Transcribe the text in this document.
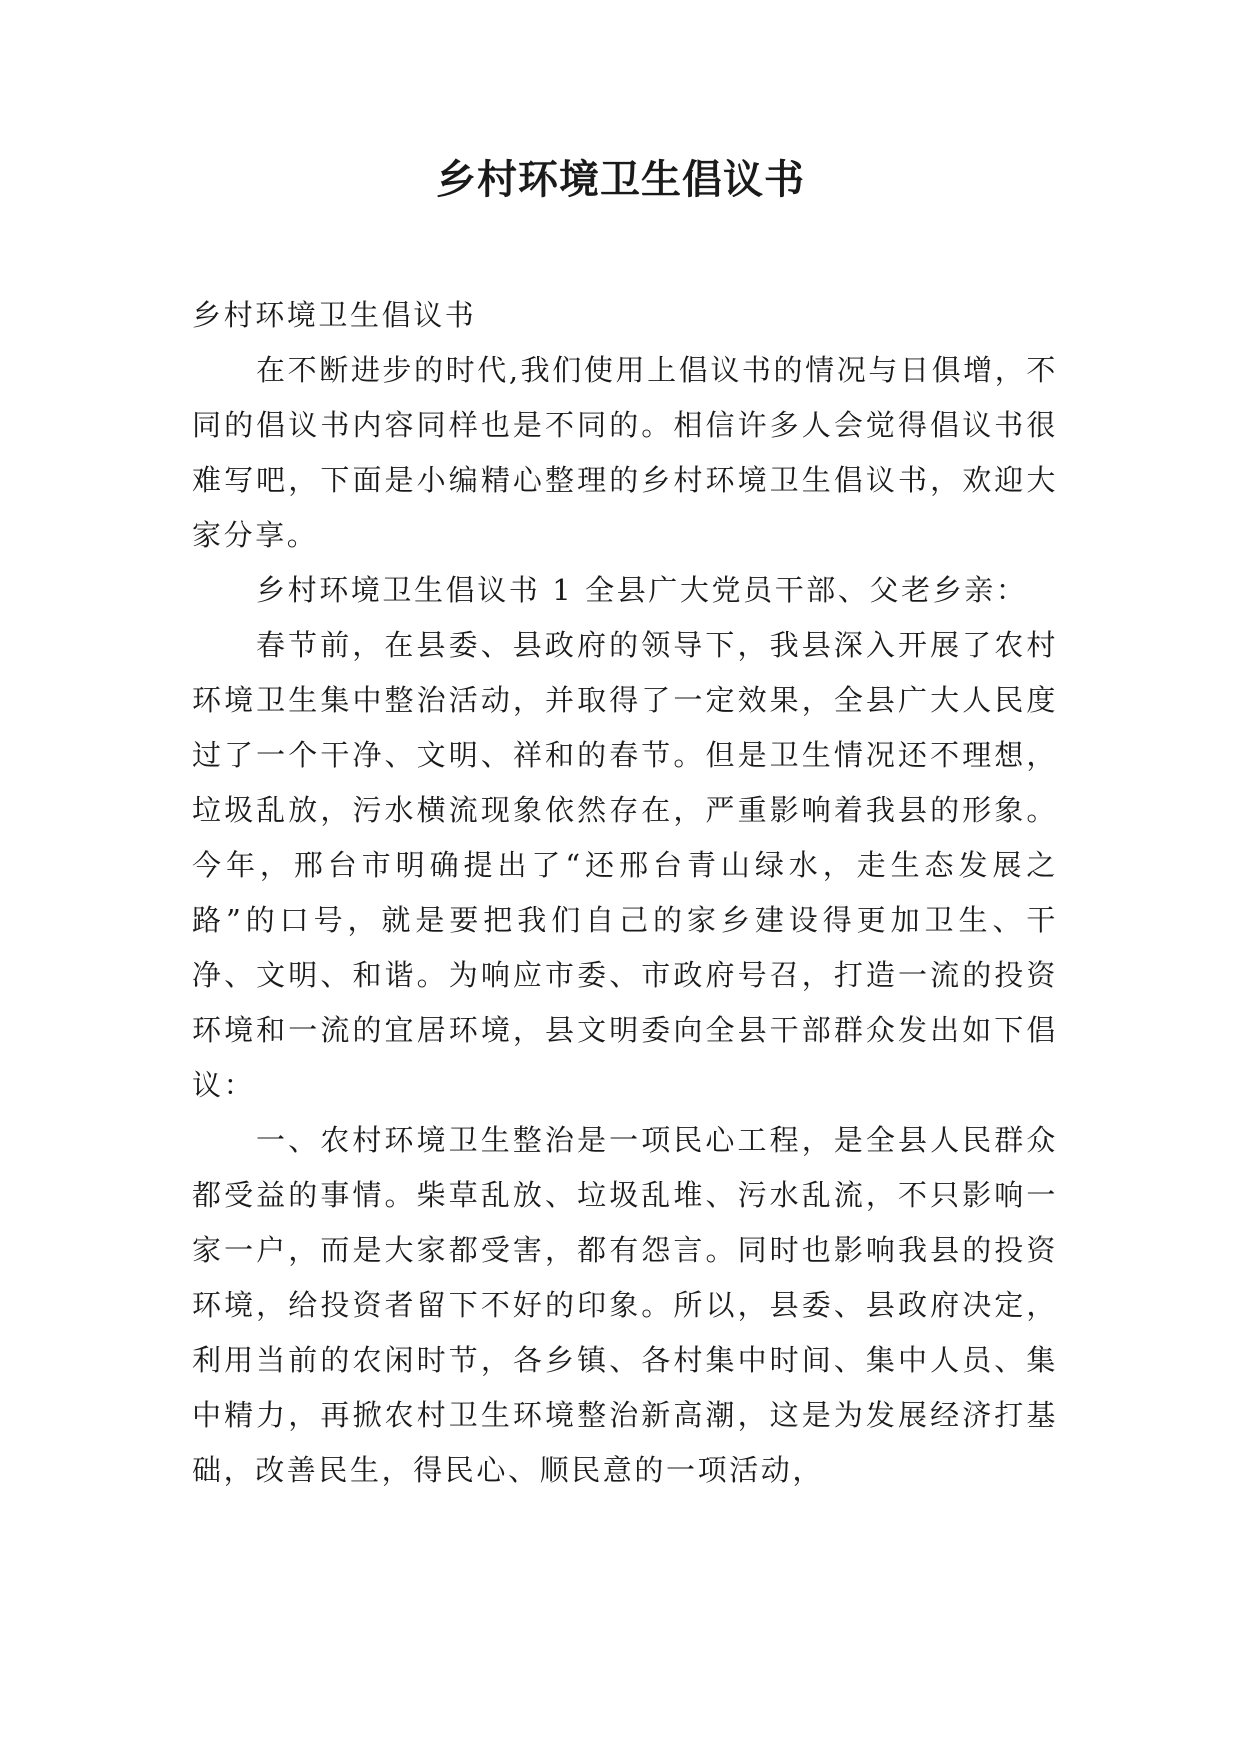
乡村环境卫生倡议书

乡村环境卫生倡议书

在不断进步的时代,我们使用上倡议书的情况与日俱增，不同的倡议书内容同样也是不同的。相信许多人会觉得倡议书很难写吧，下面是小编精心整理的乡村环境卫生倡议书，欢迎大家分享。

乡村环境卫生倡议书 1 全县广大党员干部、父老乡亲：

春节前，在县委、县政府的领导下，我县深入开展了农村环境卫生集中整治活动，并取得了一定效果，全县广大人民度过了一个干净、文明、祥和的春节。但是卫生情况还不理想，垃圾乱放，污水横流现象依然存在，严重影响着我县的形象。今年，邢台市明确提出了“还邢台青山绿水，走生态发展之路”的口号，就是要把我们自己的家乡建设得更加卫生、干净、文明、和谐。为响应市委、市政府号召，打造一流的投资环境和一流的宜居环境，县文明委向全县干部群众发出如下倡议：

一、农村环境卫生整治是一项民心工程，是全县人民群众都受益的事情。柴草乱放、垃圾乱堆、污水乱流，不只影响一家一户，而是大家都受害，都有怨言。同时也影响我县的投资环境，给投资者留下不好的印象。所以，县委、县政府决定，利用当前的农闲时节，各乡镇、各村集中时间、集中人员、集中精力，再掀农村卫生环境整治新高潮，这是为发展经济打基础，改善民生，得民心、顺民意的一项活动，
